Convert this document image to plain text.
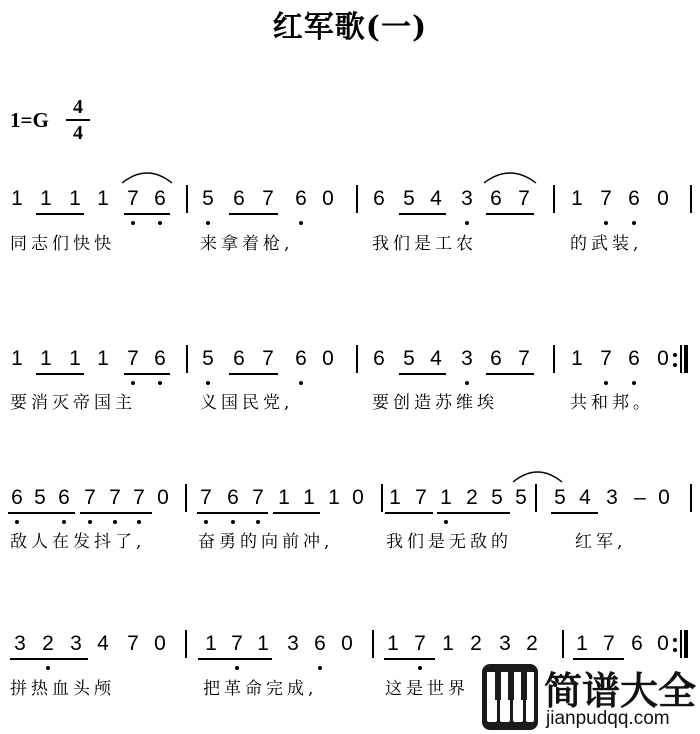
红军歌(一)
1=G
4
4
1 1 1 1 7 6 5 6 7 6 0 6 5 4 3 6 7 1 7 6 0
同志们快快	来拿着枪,	我们是工农	的武装,
1 1 1 1 7 6 5 6 7 6 0 6 5 4 3 6 7 1 7 6 0
要消灭帝国主	义国民党,	要创造苏维埃	共和邦。
6 5 6 7 7 7 0 7 6 7 1 1 1 0 1 7 1 2 5 5 5 4 3 – 0
敌人在发抖了,	奋勇的向前冲,	我们是无敌的	红军,
3 2 3 4 7 0 1 7 1 3 6 0 1 7 1 2 3 2 1 7 6 0
拼热血头颅	把革命完成,	这是世界 简谱大全
jianpudqq.com
